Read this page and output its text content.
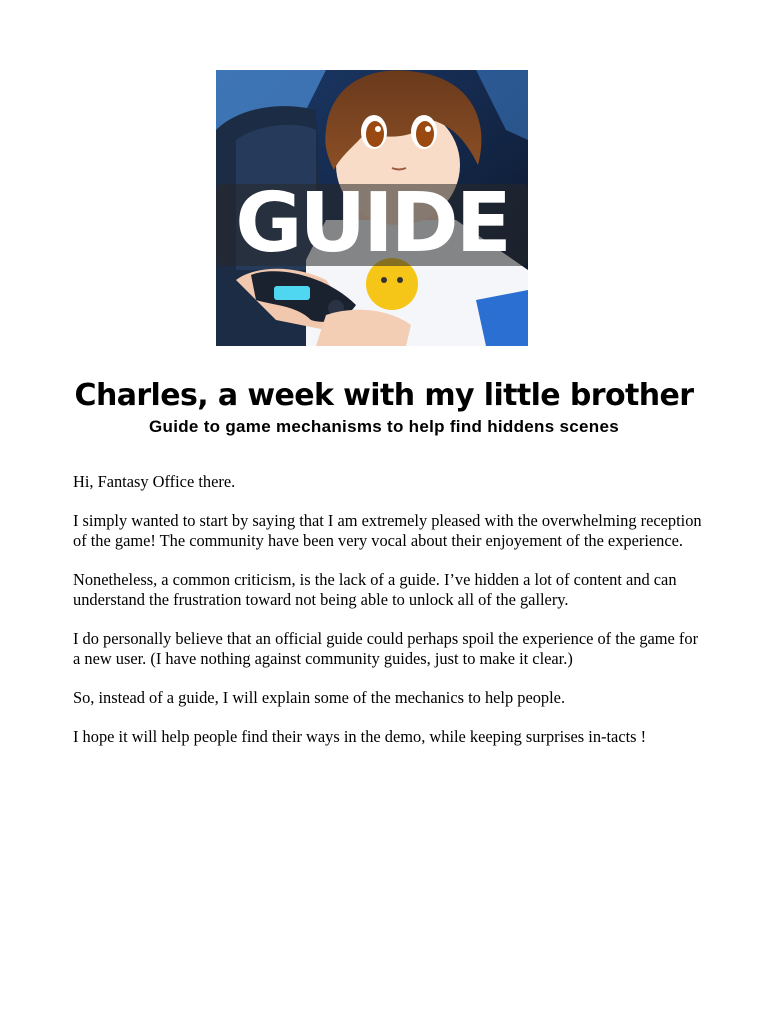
GUIDE
Charles, a week with my little brother
Guide to game mechanisms to help find hiddens scenes

Hi, Fantasy Office there.

I simply wanted to start by saying that I am extremely pleased with the overwhelming reception of the game! The community have been very vocal about their enjoyement of the experience.

Nonetheless, a common criticism, is the lack of a guide. I’ve hidden a lot of content and can understand the frustration toward not being able to unlock all of the gallery.

I do personally believe that an official guide could perhaps spoil the experience of the game for a new user. (I have nothing against community guides, just to make it clear.)

So, instead of a guide, I will explain some of the mechanics to help people.

I hope it will help people find their ways in the demo, while keeping surprises in-tacts !
